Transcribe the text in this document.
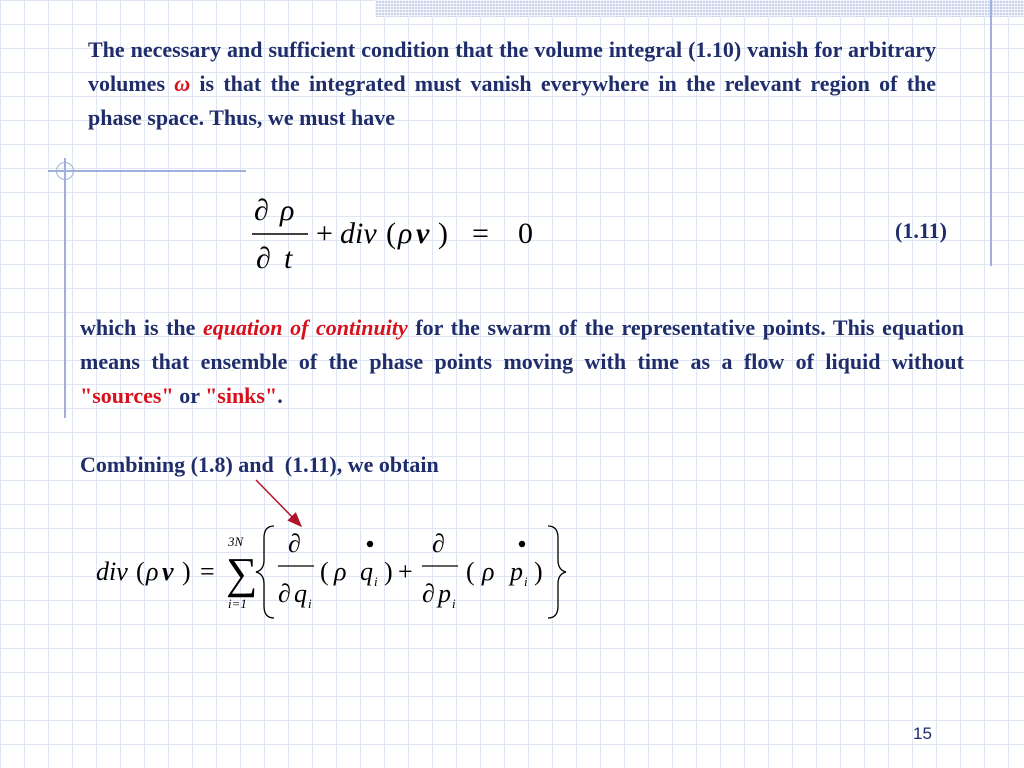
The necessary and sufficient condition that the volume integral (1.10) vanish for arbitrary volumes ω is that the integrated must vanish everywhere in the relevant region of the phase space. Thus, we must have

∂ ρ
∂ t
+ div ( ρ v ) = 0	(1.11)

which is the equation of continuity for the swarm of the representative points. This equation means that ensemble of the phase points moving with time as a flow of liquid without "sources" or "sinks".

Combining (1.8) and  (1.11), we obtain

div ( ρ v ) =
3N
∑
i=1
∂
∂ q i
( ρ q i ) +
∂
∂ p i
( ρ p i )
15
